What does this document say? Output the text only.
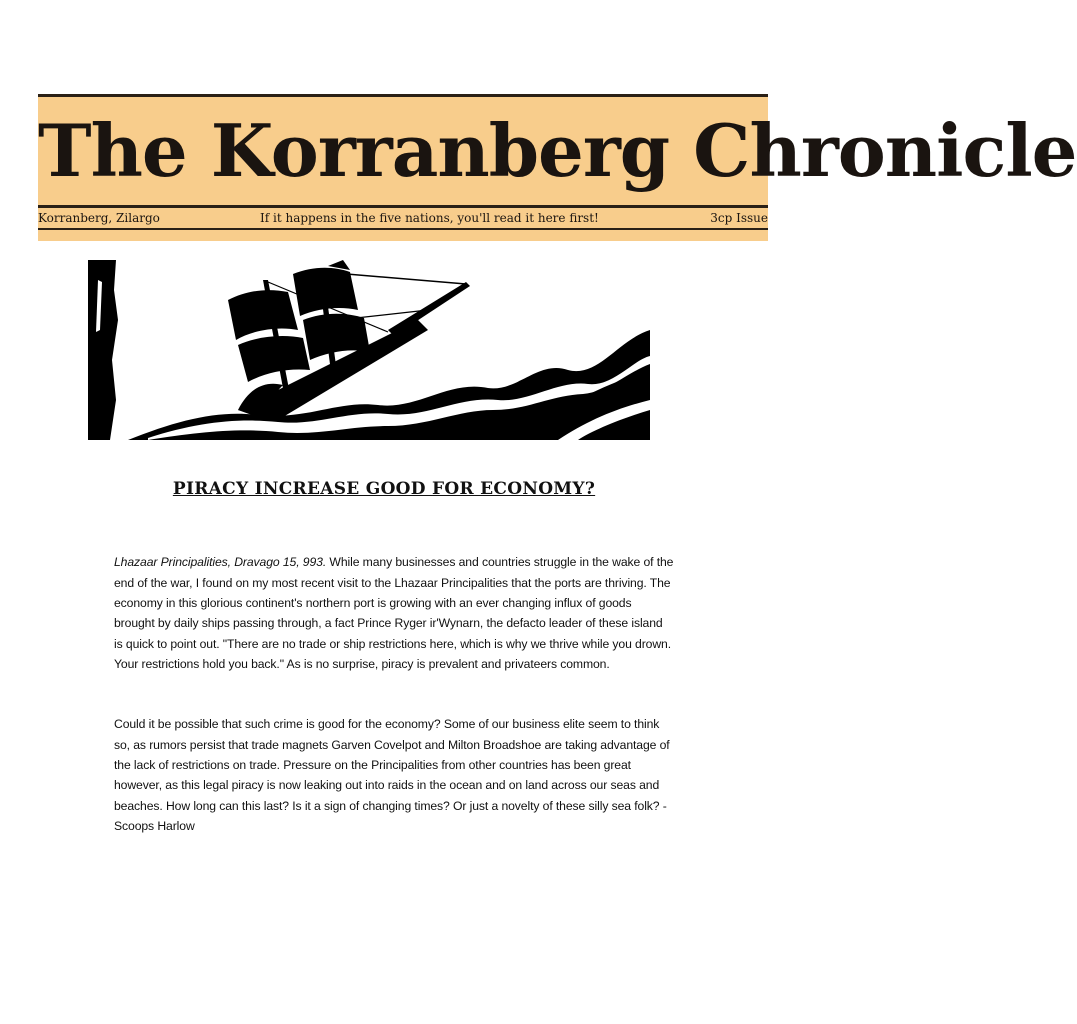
The Korranberg Chronicle
Korranberg, Zilargo	If it happens in the five nations, you'll read it here first!	3cp Issue
PIRACY INCREASE GOOD FOR ECONOMY?

Lhazaar Principalities, Dravago 15, 993. While many businesses and countries struggle in the wake of the end of the war, I found on my most recent visit to the Lhazaar Principalities that the ports are thriving. The economy in this glorious continent's northern port is growing with an ever changing influx of goods brought by daily ships passing through, a fact Prince Ryger ir'Wynarn, the defacto leader of these island is quick to point out. "There are no trade or ship restrictions here, which is why we thrive while you drown. Your restrictions hold you back." As is no surprise, piracy is prevalent and privateers common.

Could it be possible that such crime is good for the economy? Some of our business elite seem to think so, as rumors persist that trade magnets Garven Covelpot and Milton Broadshoe are taking advantage of the lack of restrictions on trade. Pressure on the Principalities from other countries has been great however, as this legal piracy is now leaking out into raids in the ocean and on land across our seas and beaches. How long can this last? Is it a sign of changing times? Or just a novelty of these silly sea folk? -Scoops Harlow
